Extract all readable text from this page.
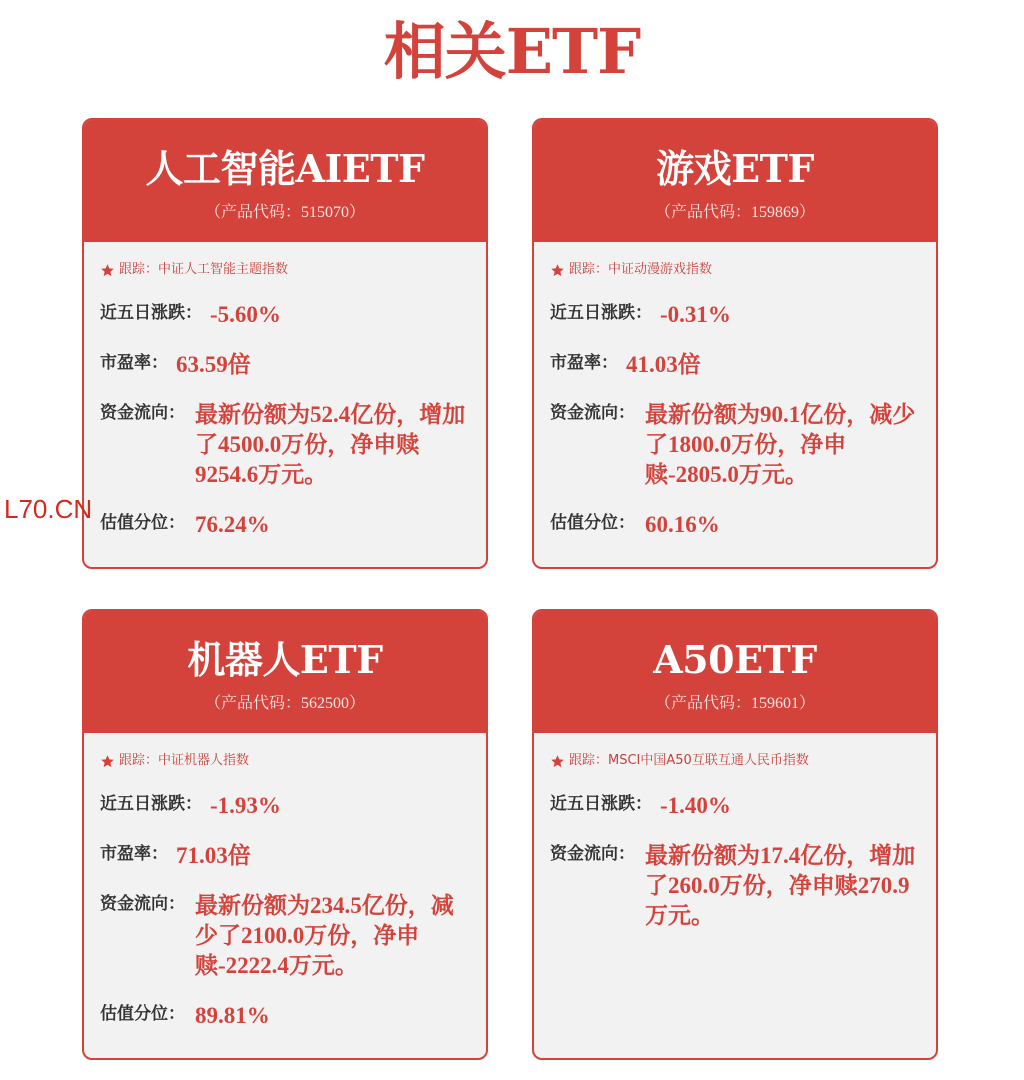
相关ETF
人工智能AIETF
（产品代码：515070）
跟踪：中证人工智能主题指数
近五日涨跌： -5.60%
市盈率： 63.59倍
资金流向： 最新份额为52.4亿份，增加了4500.0万份，净申赎9254.6万元。
估值分位： 76.24%
游戏ETF
（产品代码：159869）
跟踪：中证动漫游戏指数
近五日涨跌： -0.31%
市盈率： 41.03倍
资金流向： 最新份额为90.1亿份，减少了1800.0万份，净申赎-2805.0万元。
估值分位： 60.16%
机器人ETF
（产品代码：562500）
跟踪：中证机器人指数
近五日涨跌： -1.93%
市盈率： 71.03倍
资金流向： 最新份额为234.5亿份，减少了2100.0万份，净申赎-2222.4万元。
估值分位： 89.81%
A50ETF
（产品代码：159601）
跟踪：MSCI中国A50互联互通人民币指数
近五日涨跌： -1.40%
资金流向： 最新份额为17.4亿份，增加了260.0万份，净申赎270.9万元。
L70.CN
